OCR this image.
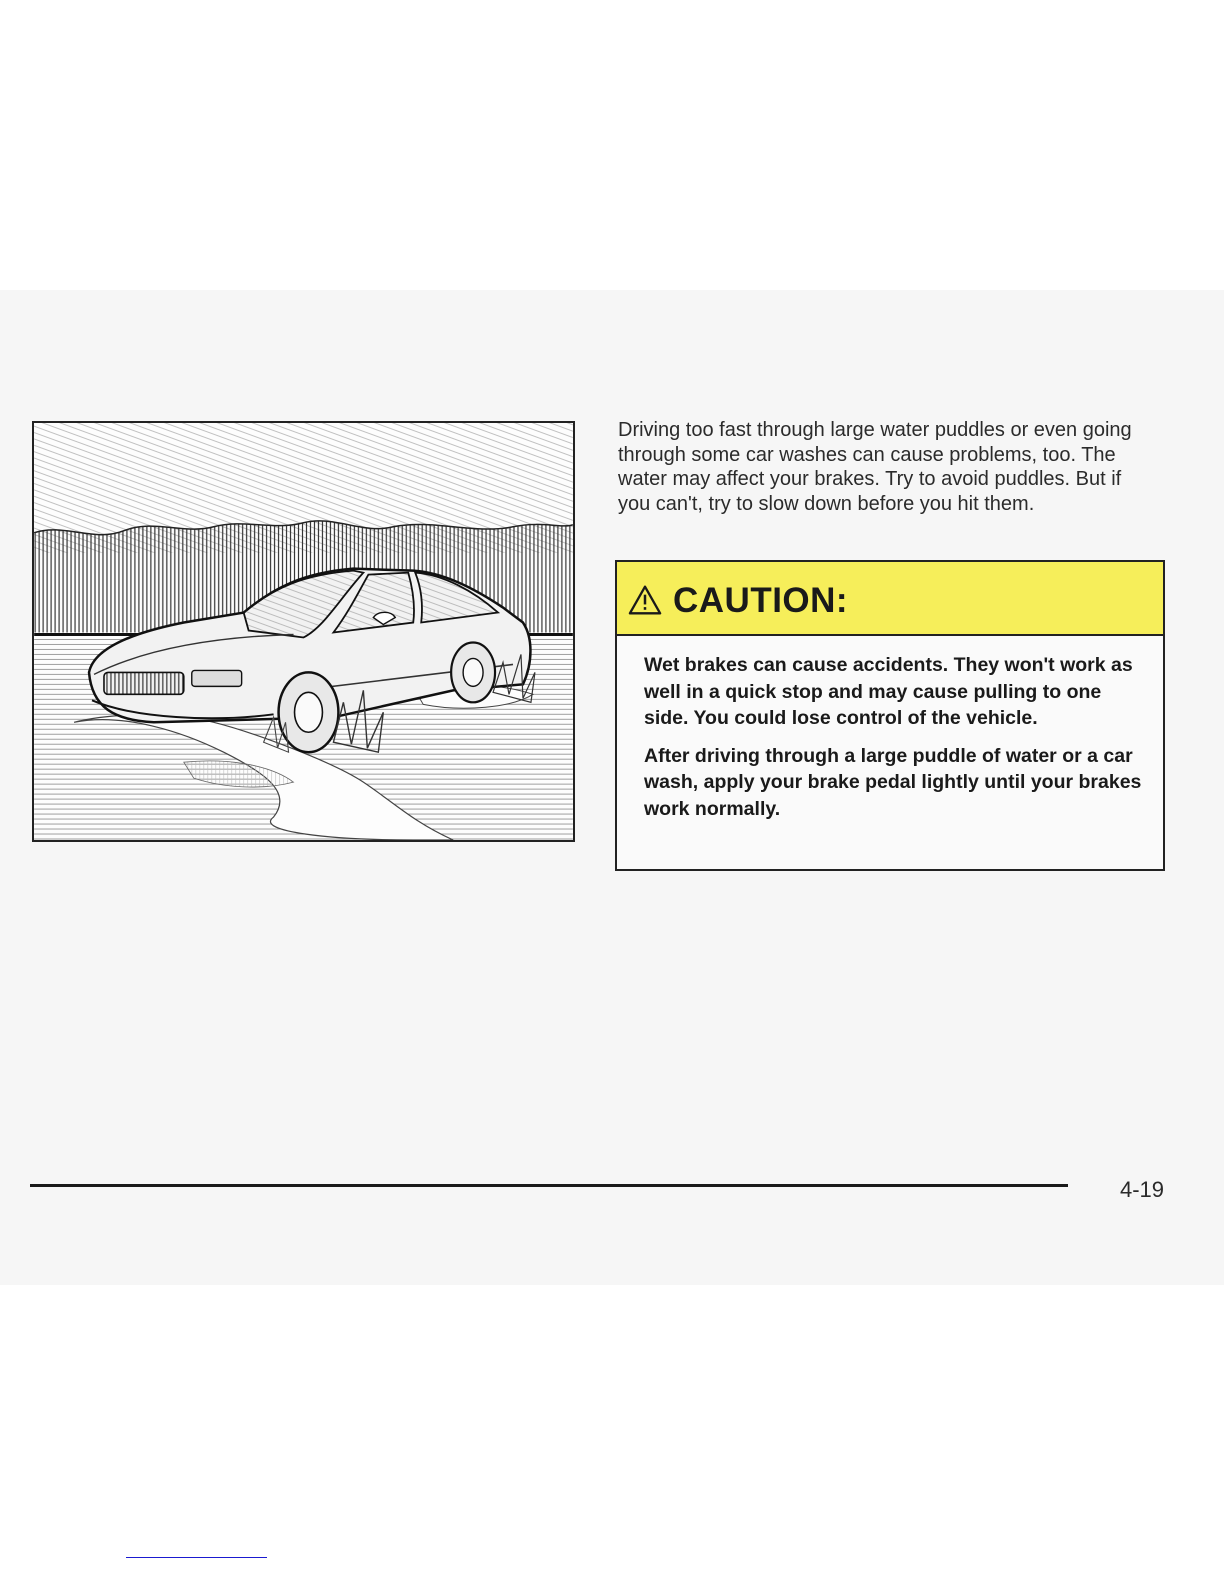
Driving too fast through large water puddles or even going through some car washes can cause problems, too. The water may affect your brakes. Try to avoid puddles. But if you can't, try to slow down before you hit them.

CAUTION:

Wet brakes can cause accidents. They won't work as well in a quick stop and may cause pulling to one side. You could lose control of the vehicle.

After driving through a large puddle of water or a car wash, apply your brake pedal lightly until your brakes work normally.

4-19
